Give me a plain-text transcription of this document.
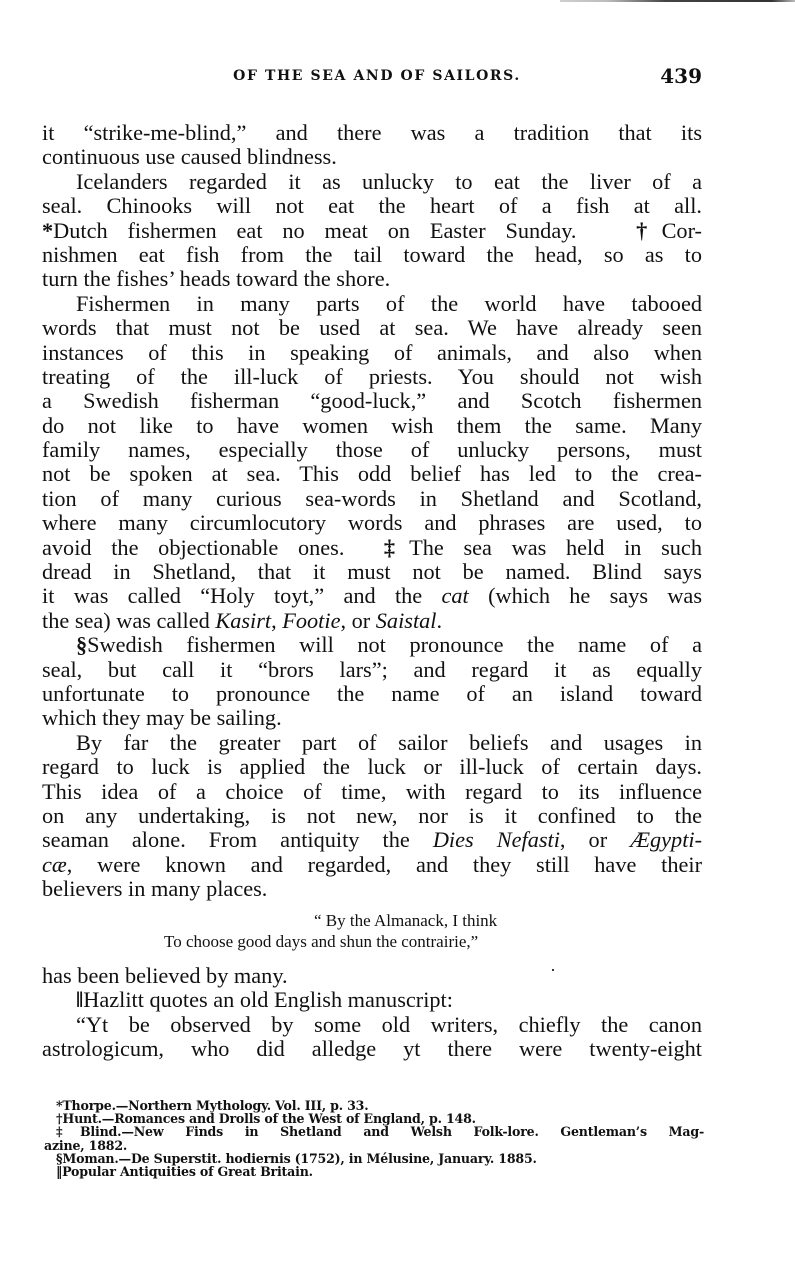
OF THE SEA AND OF SAILORS.	439
it “strike-me-blind,” and there was a tradition that its
continuous use caused blindness.
Icelanders regarded it as unlucky to eat the liver of a
seal. Chinooks will not eat the heart of a fish at all.
*Dutch fishermen eat no meat on Easter Sunday.	†Cor-
nishmen eat fish from the tail toward the head, so as to
turn the fishes’ heads toward the shore.
Fishermen in many parts of the world have tabooed
words that must not be used at sea. We have already seen
instances of this in speaking of animals, and also when
treating of the ill-luck of priests. You should not wish
a Swedish fisherman “good-luck,” and Scotch fishermen
do not like to have women wish them the same. Many
family names, especially those of unlucky persons, must
not be spoken at sea. This odd belief has led to the crea-
tion of many curious sea-words in Shetland and Scotland,
where many circumlocutory words and phrases are used, to
avoid the objectionable ones. ‡The sea was held in such
dread in Shetland, that it must not be named. Blind says
it was called “Holy toyt,” and the cat (which he says was
the sea) was called Kasirt, Footie, or Saistal.
§Swedish fishermen will not pronounce the name of a
seal, but call it “brors lars”; and regard it as equally
unfortunate to pronounce the name of an island toward
which they may be sailing.
By far the greater part of sailor beliefs and usages in
regard to luck is applied the luck or ill-luck of certain days.
This idea of a choice of time, with regard to its influence
on any undertaking, is not new, nor is it confined to the
seaman alone. From antiquity the Dies Nefasti, or Ægypti-
cæ, were known and regarded, and they still have their
believers in many places.
“ By the Almanack, I think
To choose good days and shun the contrairie,”
·
has been believed by many.
‖Hazlitt quotes an old English manuscript:
“Yt be observed by some old writers, chiefly the canon
astrologicum, who did alledge yt there were twenty-eight
*Thorpe.—Northern Mythology. Vol. III, p. 33.
†Hunt.—Romances and Drolls of the West of England, p. 148.
‡Blind.—New Finds in Shetland and Welsh Folk-lore. Gentleman’s Mag-
azine, 1882.
§Moman.—De Superstit. hodiernis (1752), in Mélusine, January. 1885.
‖Popular Antiquities of Great Britain.
